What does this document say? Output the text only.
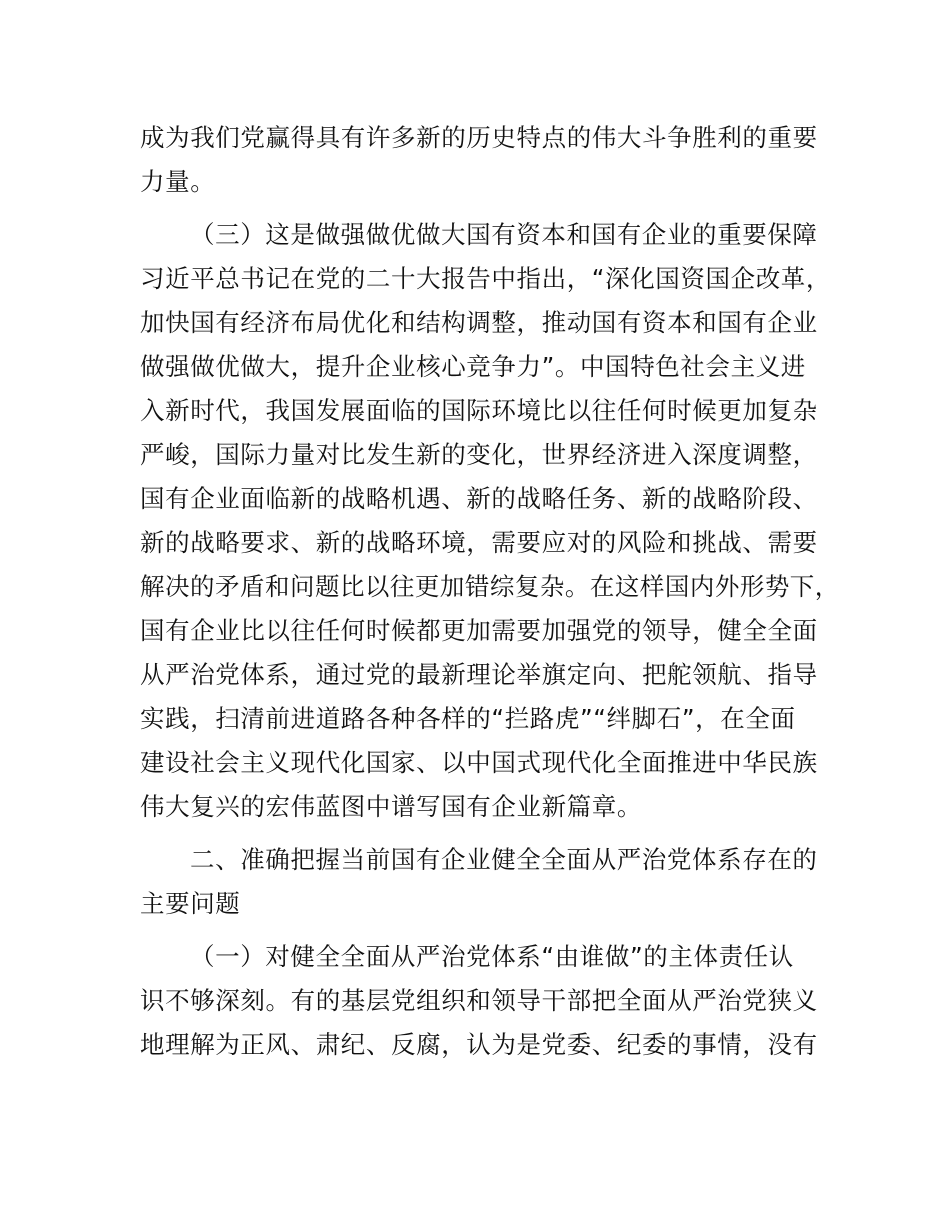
成为我们党赢得具有许多新的历史特点的伟大斗争胜利的重要
力量。
（三）这是做强做优做大国有资本和国有企业的重要保障
习近平总书记在党的二十大报告中指出，“深化国资国企改革，
加快国有经济布局优化和结构调整，推动国有资本和国有企业
做强做优做大，提升企业核心竞争力”。中国特色社会主义进
入新时代，我国发展面临的国际环境比以往任何时候更加复杂
严峻，国际力量对比发生新的变化，世界经济进入深度调整，
国有企业面临新的战略机遇、新的战略任务、新的战略阶段、
新的战略要求、新的战略环境，需要应对的风险和挑战、需要
解决的矛盾和问题比以往更加错综复杂。在这样国内外形势下，
国有企业比以往任何时候都更加需要加强党的领导，健全全面
从严治党体系，通过党的最新理论举旗定向、把舵领航、指导
实践，扫清前进道路各种各样的“拦路虎”“绊脚石”，在全面
建设社会主义现代化国家、以中国式现代化全面推进中华民族
伟大复兴的宏伟蓝图中谱写国有企业新篇章。
二、准确把握当前国有企业健全全面从严治党体系存在的
主要问题
（一）对健全全面从严治党体系“由谁做”的主体责任认
识不够深刻。有的基层党组织和领导干部把全面从严治党狭义
地理解为正风、肃纪、反腐，认为是党委、纪委的事情，没有
